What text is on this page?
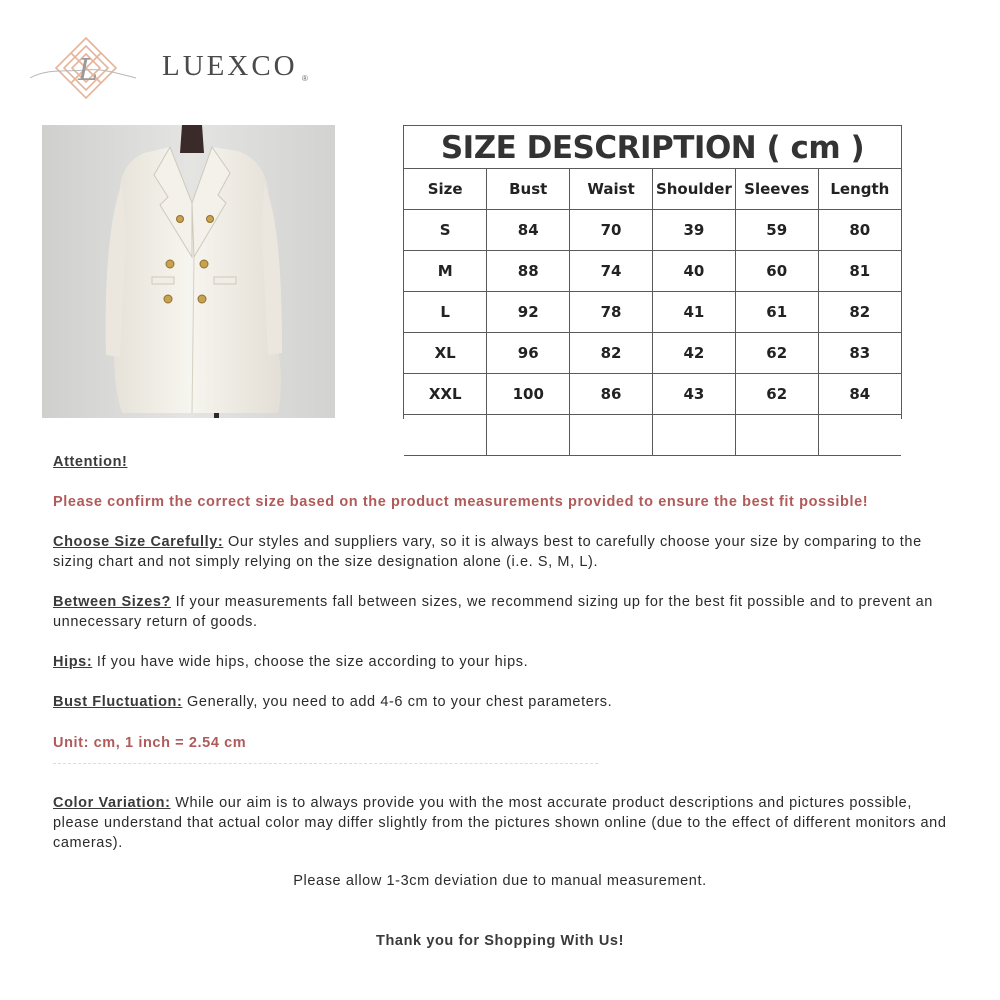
L LUEXCO ®
SIZE DESCRIPTION ( cm )
Size	Bust	Waist	Shoulder	Sleeves	Length
S	84	70	39	59	80
M	88	74	40	60	81
L	92	78	41	61	82
XL	96	82	42	62	83
XXL	100	86	43	62	84

Attention!
Please confirm the correct size based on the product measurements provided to ensure the best fit possible!
Choose Size Carefully: Our styles and suppliers vary, so it is always best to carefully choose your size by comparing to the sizing chart and not simply relying on the size designation alone (i.e. S, M, L).
Between Sizes? If your measurements fall between sizes, we recommend sizing up for the best fit possible and to prevent an unnecessary return of goods.
Hips: If you have wide hips, choose the size according to your hips.
Bust Fluctuation: Generally, you need to add 4-6 cm to your chest parameters.
Unit: cm, 1 inch = 2.54 cm
Color Variation: While our aim is to always provide you with the most accurate product descriptions and pictures possible, please understand that actual color may differ slightly from the pictures shown online (due to the effect of different monitors and cameras).
Please allow 1-3cm deviation due to manual measurement.
Thank you for Shopping With Us!
